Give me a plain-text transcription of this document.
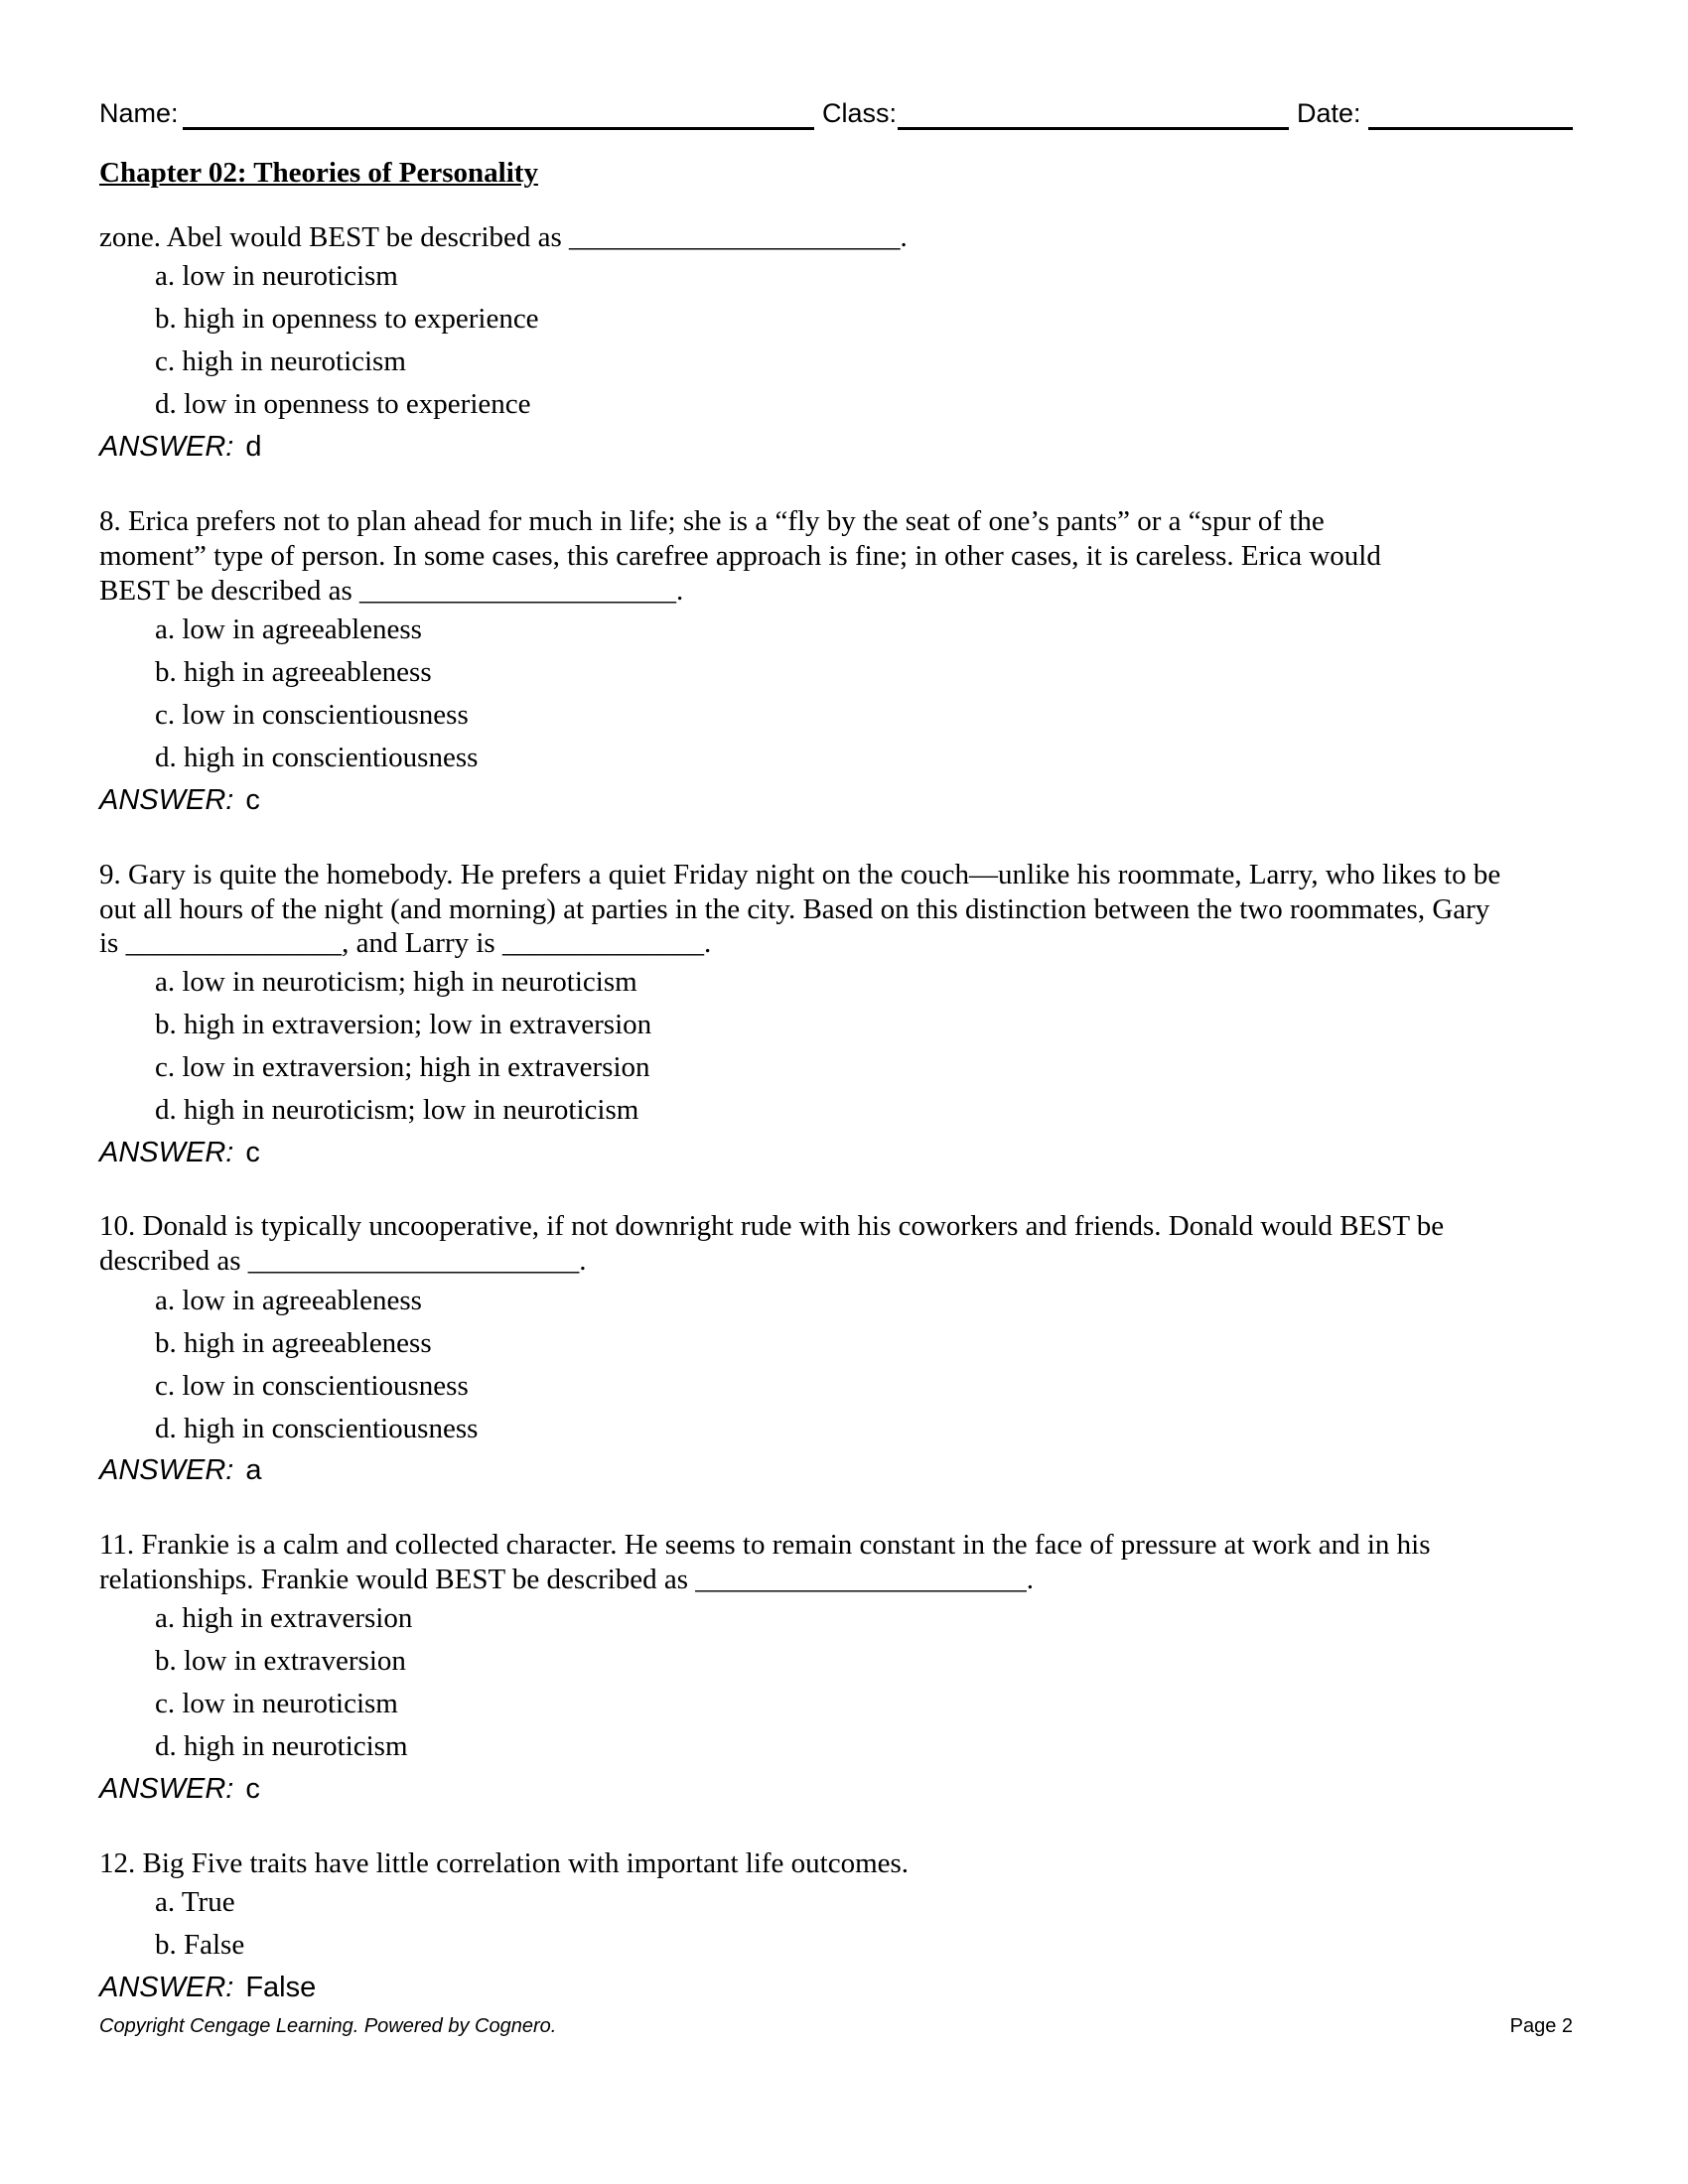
Name:	Class:	Date:
Chapter 02: Theories of Personality
zone. Abel would BEST be described as _______________________.
a. low in neuroticism
b. high in openness to experience
c. high in neuroticism
d. low in openness to experience
ANSWER: d
8. Erica prefers not to plan ahead for much in life; she is a “fly by the seat of one’s pants” or a “spur of the
moment” type of person. In some cases, this carefree approach is fine; in other cases, it is careless. Erica would
BEST be described as ______________________.
a. low in agreeableness
b. high in agreeableness
c. low in conscientiousness
d. high in conscientiousness
ANSWER: c
9. Gary is quite the homebody. He prefers a quiet Friday night on the couch—unlike his roommate, Larry, who likes to be
out all hours of the night (and morning) at parties in the city. Based on this distinction between the two roommates, Gary
is _______________, and Larry is ______________.
a. low in neuroticism; high in neuroticism
b. high in extraversion; low in extraversion
c. low in extraversion; high in extraversion
d. high in neuroticism; low in neuroticism
ANSWER: c
10. Donald is typically uncooperative, if not downright rude with his coworkers and friends. Donald would BEST be
described as _______________________.
a. low in agreeableness
b. high in agreeableness
c. low in conscientiousness
d. high in conscientiousness
ANSWER: a
11. Frankie is a calm and collected character. He seems to remain constant in the face of pressure at work and in his
relationships. Frankie would BEST be described as _______________________.
a. high in extraversion
b. low in extraversion
c. low in neuroticism
d. high in neuroticism
ANSWER: c
12. Big Five traits have little correlation with important life outcomes.
a. True
b. False
ANSWER: False
Copyright Cengage Learning. Powered by Cognero.	Page 2
